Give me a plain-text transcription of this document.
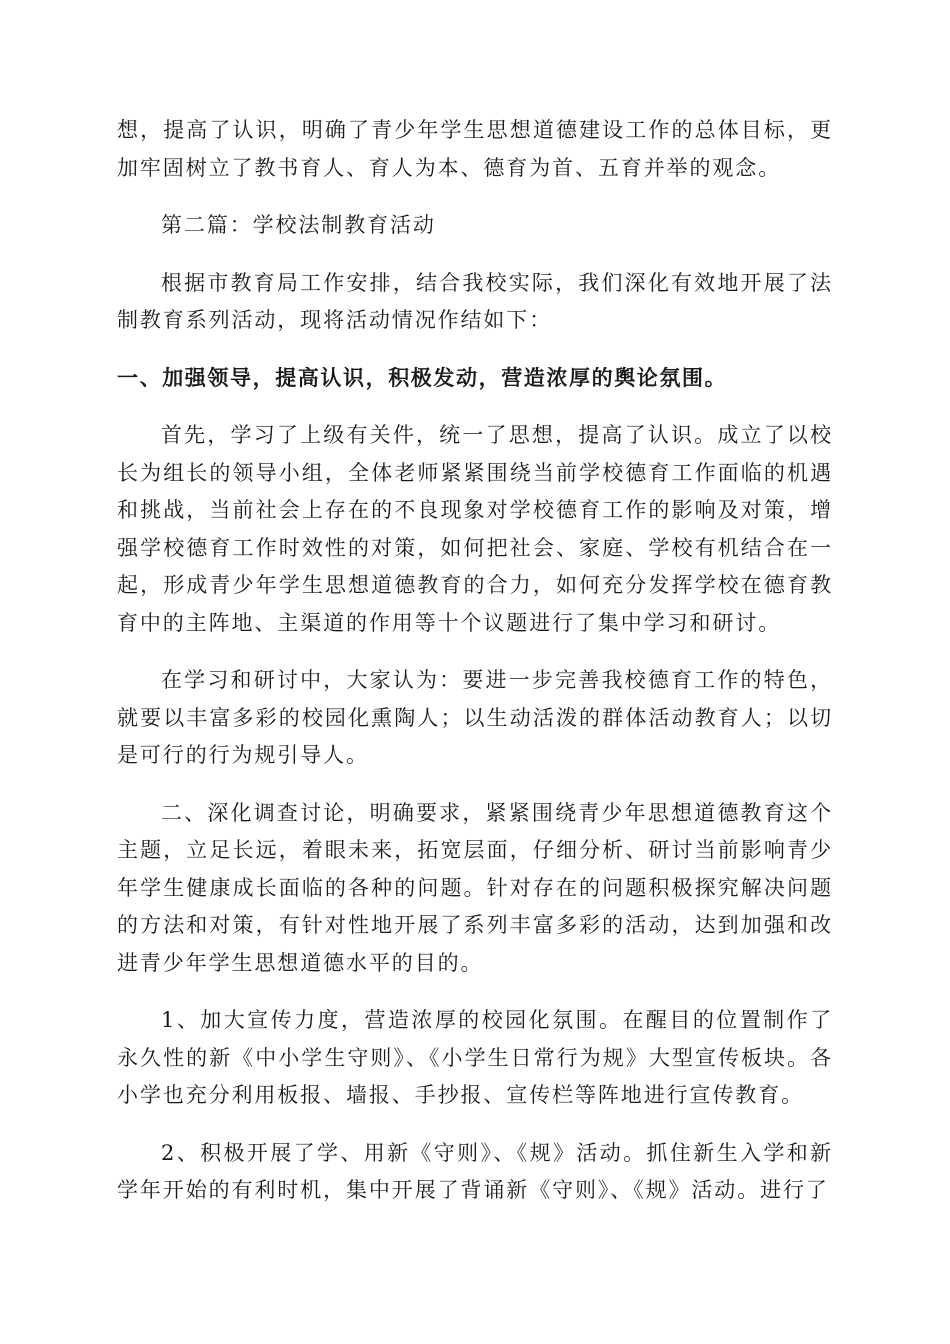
想，提高了认识，明确了青少年学生思想道德建设工作的总体目标，更加牢固树立了教书育人、育人为本、德育为首、五育并举的观念。

第二篇：学校法制教育活动

根据市教育局工作安排，结合我校实际，我们深化有效地开展了法制教育系列活动，现将活动情况作结如下：

一、加强领导，提高认识，积极发动，营造浓厚的舆论氛围。

首先，学习了上级有关件，统一了思想，提高了认识。成立了以校长为组长的领导小组，全体老师紧紧围绕当前学校德育工作面临的机遇和挑战，当前社会上存在的不良现象对学校德育工作的影响及对策，增强学校德育工作时效性的对策，如何把社会、家庭、学校有机结合在一起，形成青少年学生思想道德教育的合力，如何充分发挥学校在德育教育中的主阵地、主渠道的作用等十个议题进行了集中学习和研讨。

在学习和研讨中，大家认为：要进一步完善我校德育工作的特色，就要以丰富多彩的校园化熏陶人；以生动活泼的群体活动教育人；以切是可行的行为规引导人。

二、深化调查讨论，明确要求，紧紧围绕青少年思想道德教育这个主题，立足长远，着眼未来，拓宽层面，仔细分析、研讨当前影响青少年学生健康成长面临的各种的问题。针对存在的问题积极探究解决问题的方法和对策，有针对性地开展了系列丰富多彩的活动，达到加强和改进青少年学生思想道德水平的目的。

1、加大宣传力度，营造浓厚的校园化氛围。在醒目的位置制作了永久性的新《中小学生守则》、《小学生日常行为规》大型宣传板块。各小学也充分利用板报、墙报、手抄报、宣传栏等阵地进行宣传教育。

2、积极开展了学、用新《守则》、《规》活动。抓住新生入学和新学年开始的有利时机，集中开展了背诵新《守则》、《规》活动。进行了
